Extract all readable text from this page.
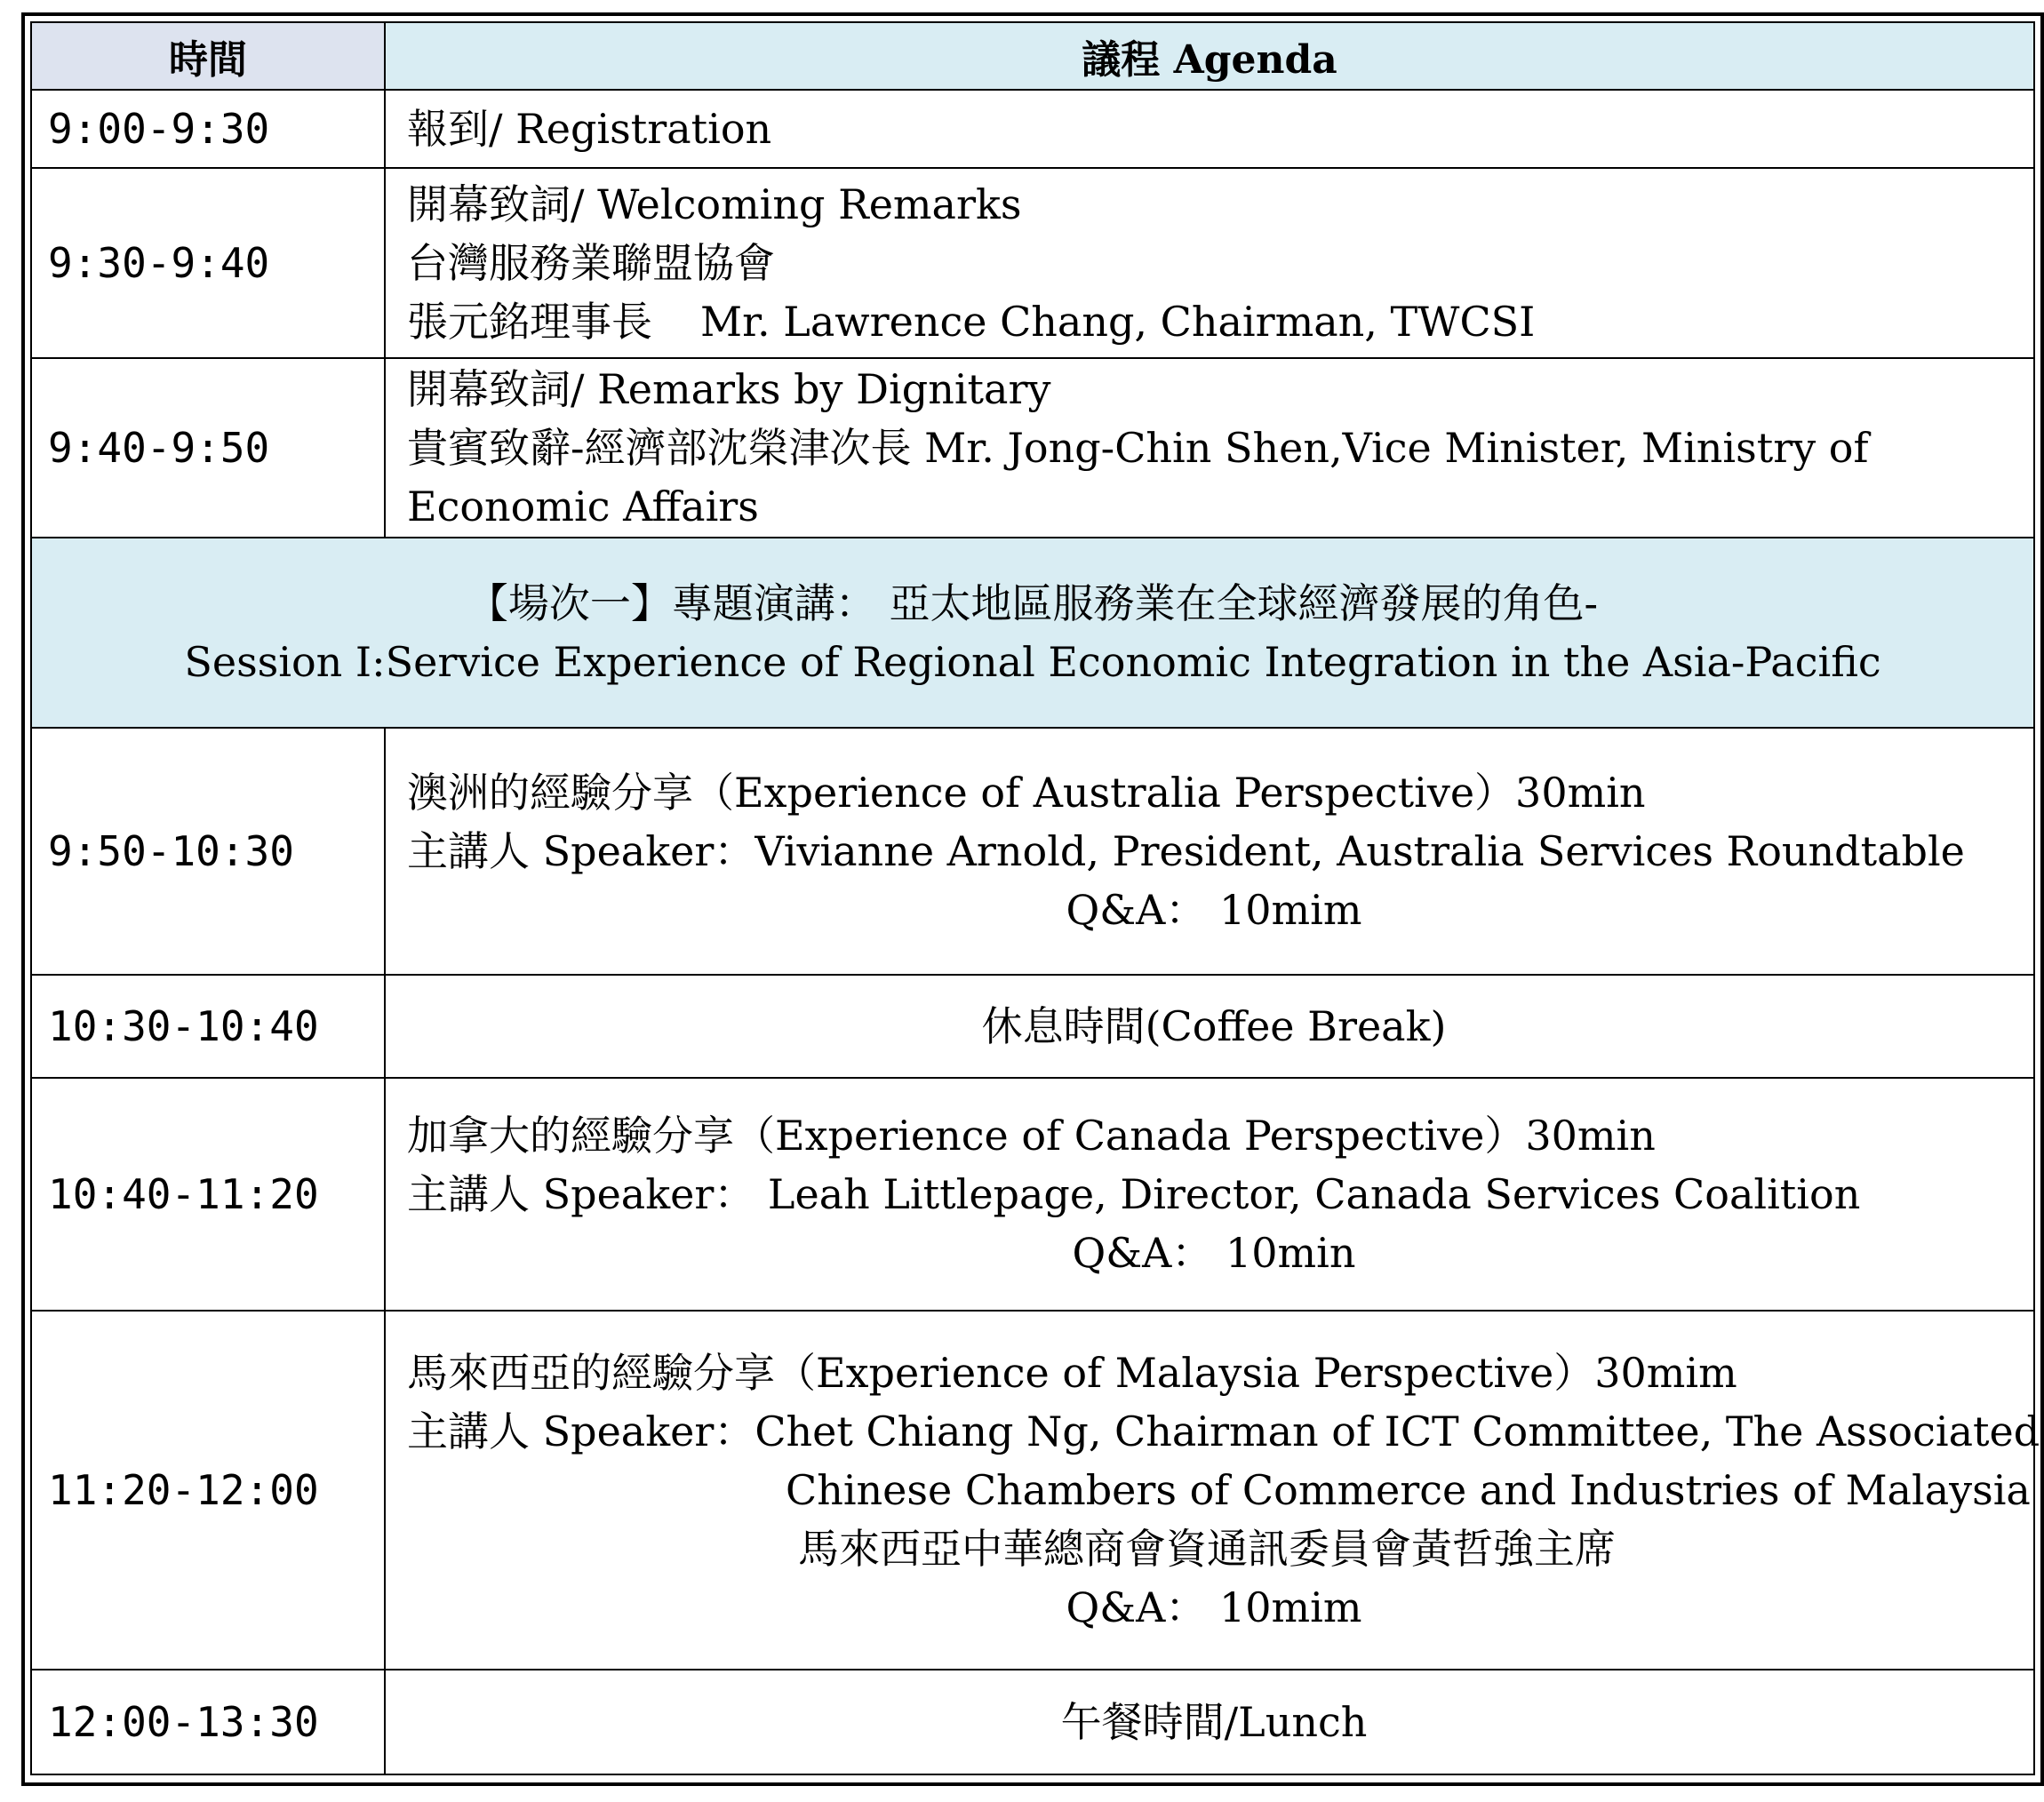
時間	議程 Agenda
9:00-9:30	報到/ Registration

9:30-9:40	開幕致詞/ Welcoming Remarks
台灣服務業聯盟協會
張元銘理事長 Mr. Lawrence Chang, Chairman, TWCSI

9:40-9:50	開幕致詞/ Remarks by Dignitary
貴賓致辭-經濟部沈榮津次長 Mr. Jong-Chin Shen,Vice Minister, Ministry of Economic Affairs

【場次一】專題演講： 亞太地區服務業在全球經濟發展的角色-
Session I:Service Experience of Regional Economic Integration in the Asia-Pacific	

9:50-10:30	澳洲的經驗分享（Experience of Australia Perspective）30min
主講人 Speaker：Vivianne Arnold, President, Australia Services Roundtable
Q&A： 10mim

10:30-10:40	休息時間(Coffee Break)

10:40-11:20	加拿大的經驗分享（Experience of Canada Perspective）30min
主講人 Speaker： Leah Littlepage, Director, Canada Services Coalition
Q&A： 10min

11:20-12:00	馬來西亞的經驗分享（Experience of Malaysia Perspective）30mim
主講人 Speaker：Chet Chiang Ng, Chairman of ICT Committee, The Associated
Chinese Chambers of Commerce and Industries of Malaysia
馬來西亞中華總商會資通訊委員會黃哲強主席
Q&A： 10mim

12:00-13:30	午餐時間/Lunch
